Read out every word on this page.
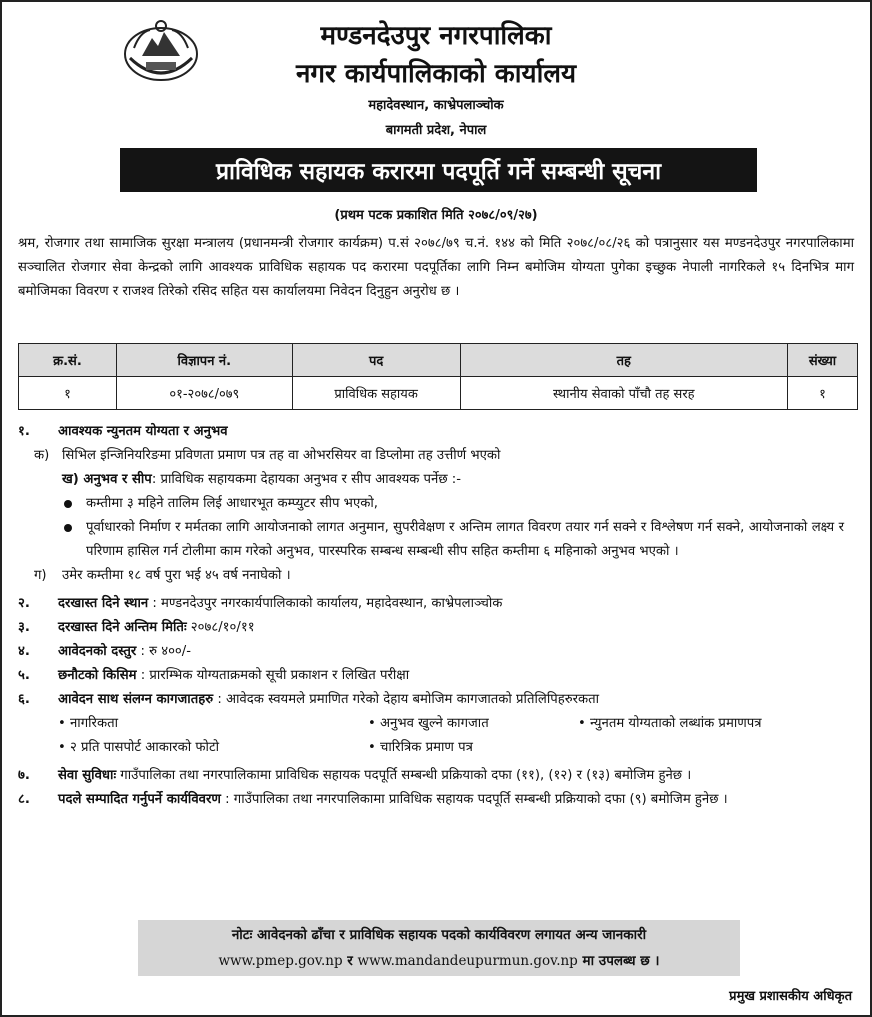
मण्डनदेउपुर नगरपालिका
नगर कार्यपालिकाको कार्यालय
महादेवस्थान, काभ्रेपलाञ्चोक
बागमती प्रदेश, नेपाल
प्राविधिक सहायक करारमा पदपूर्ति गर्ने सम्बन्धी सूचना
(प्रथम पटक प्रकाशित मिति २०७८/०९/२७)

श्रम, रोजगार तथा सामाजिक सुरक्षा मन्त्रालय (प्रधानमन्त्री रोजगार कार्यक्रम) प.सं २०७८/७९ च.नं. १४४ को मिति २०७८/०८/२६ को पत्रानुसार यस मण्डनदेउपुर नगरपालिकामा सञ्चालित रोजगार सेवा केन्द्रको लागि आवश्यक प्राविधिक सहायक पद करारमा पदपूर्तिका लागि निम्न बमोजिम योग्यता पुगेका इच्छुक नेपाली नागरिकले १५ दिनभित्र माग बमोजिमका विवरण र राजश्व तिरेको रसिद सहित यस कार्यालयमा निवेदन दिनुहुन अनुरोध छ ।

क्र.सं.	विज्ञापन नं.	पद	तह	संख्या
१	०१-२०७८/०७९	प्राविधिक सहायक	स्थानीय सेवाको पाँचौ तह सरह	१
१. आवश्यक न्युनतम योग्यता र अनुभव
क) सिभिल इन्जिनियरिङमा प्रविणता प्रमाण पत्र तह वा ओभरसियर वा डिप्लोमा तह उत्तीर्ण भएको
ख) अनुभव र सीप: प्राविधिक सहायकमा देहायका अनुभव र सीप आवश्यक पर्नेछ :-
कम्तीमा ३ महिने तालिम लिई आधारभूत कम्प्युटर सीप भएको,
पूर्वाधारको निर्माण र मर्मतका लागि आयोजनाको लागत अनुमान, सुपरीवेक्षण र अन्तिम लागत विवरण तयार गर्न सक्ने र विश्लेषण गर्न सक्ने, आयोजनाको लक्ष्य र परिणाम हासिल गर्न टोलीमा काम गरेको अनुभव, पारस्परिक सम्बन्ध सम्बन्धी सीप सहित कम्तीमा ६ महिनाको अनुभव भएको ।
ग) उमेर कम्तीमा १८ वर्ष पुरा भई ४५ वर्ष ननाघेको ।
२. दरखास्त दिने स्थान : मण्डनदेउपुर नगरकार्यपालिकाको कार्यालय, महादेवस्थान, काभ्रेपलाञ्चोक
३. दरखास्त दिने अन्तिम मितिः २०७८/१०/११
४. आवेदनको दस्तुर : रु ४००/-
५. छनौटको किसिम : प्रारम्भिक योग्यताक्रमको सूची प्रकाशन र लिखित परीक्षा
६. आवेदन साथ संलग्न कागजातहरु : आवेदक स्वयमले प्रमाणित गरेको देहाय बमोजिम कागजातको प्रतिलिपिहरुरकता
• नागरिकता	• अनुभव खुल्ने कागजात	• न्युनतम योग्यताको लब्धांक प्रमाणपत्र
• २ प्रति पासपोर्ट आकारको फोटो	• चारित्रिक प्रमाण पत्र
७. सेवा सुविधाः गाउँपालिका तथा नगरपालिकामा प्राविधिक सहायक पदपूर्ति सम्बन्धी प्रक्रियाको दफा (११), (१२) र (१३) बमोजिम हुनेछ ।
८. पदले सम्पादित गर्नुपर्ने कार्यविवरण : गाउँपालिका तथा नगरपालिकामा प्राविधिक सहायक पदपूर्ति सम्बन्धी प्रक्रियाको दफा (९) बमोजिम हुनेछ ।
नोटः आवेदनको ढाँचा र प्राविधिक सहायक पदको कार्यविवरण लगायत अन्य जानकारी
www.pmep.gov.np र www.mandandeupurmun.gov.np मा उपलब्ध छ ।
प्रमुख प्रशासकीय अधिकृत
